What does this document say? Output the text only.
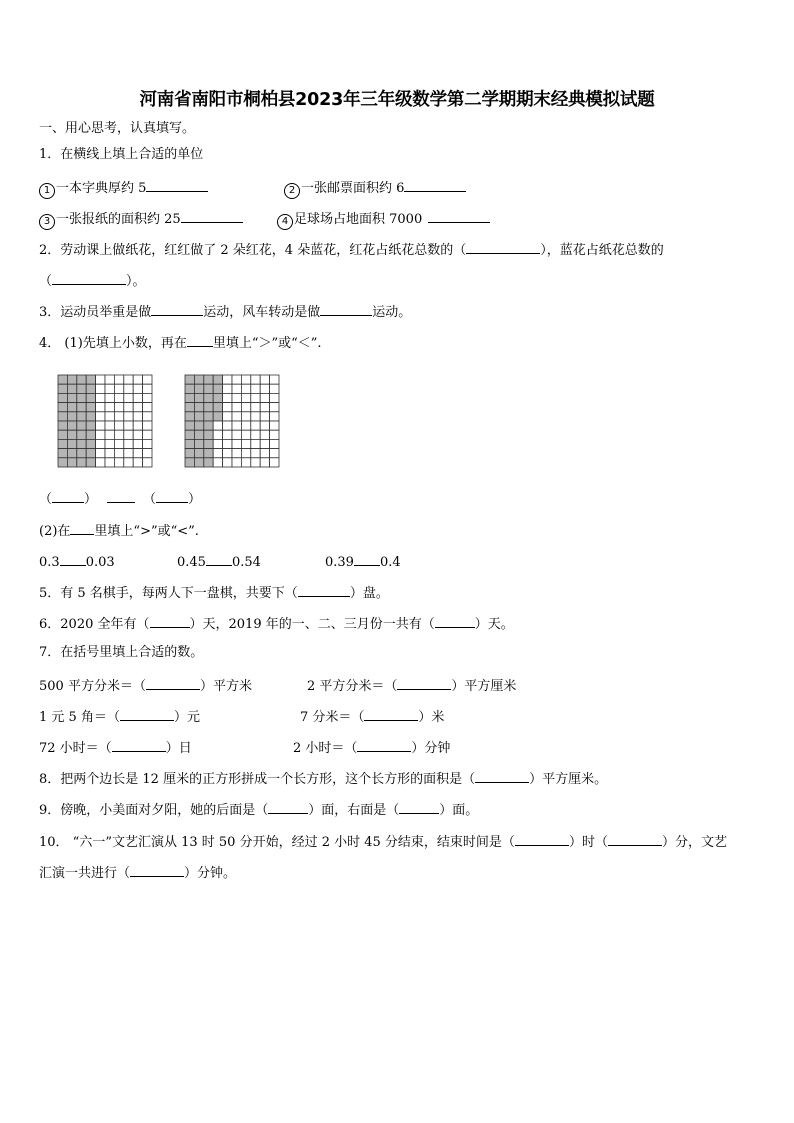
河南省南阳市桐柏县2023年三年级数学第二学期期末经典模拟试题
一、用心思考，认真填写。
1．在横线上填上合适的单位
1 一本字典厚约 5	2 一张邮票面积约 6
3 一张报纸的面积约 25	4 足球场占地面积 7000
2．劳动课上做纸花，红红做了 2 朵红花，4 朵蓝花，红花占纸花总数的（	），蓝花占纸花总数的
（	）。
3．运动员举重是做	运动，风车转动是做	运动。
4． (1)先填上小数，再在 里填上“＞”或“＜”.
（ ）	（ ）
(2)在 里填上“>”或“<”.
0.3 0.03	0.45 0.54	0.39 0.4
5．有 5 名棋手，每两人下一盘棋，共要下（	）盘。
6．2020 全年有（	）天，2019 年的一、二、三月份一共有（	）天。
7．在括号里填上合适的数。
500 平方分米＝（	）平方米	2 平方分米＝（	）平方厘米
1 元 5 角＝（	）元	7 分米＝（	）米
72 小时＝（	）日	2 小时＝（	）分钟
8．把两个边长是 12 厘米的正方形拼成一个长方形，这个长方形的面积是（	）平方厘米。
9．傍晚，小美面对夕阳，她的后面是（	）面，右面是（	）面。
10． “六一”文艺汇演从 13 时 50 分开始，经过 2 小时 45 分结束，结束时间是（	）时（	）分，文艺
汇演一共进行（	）分钟。
